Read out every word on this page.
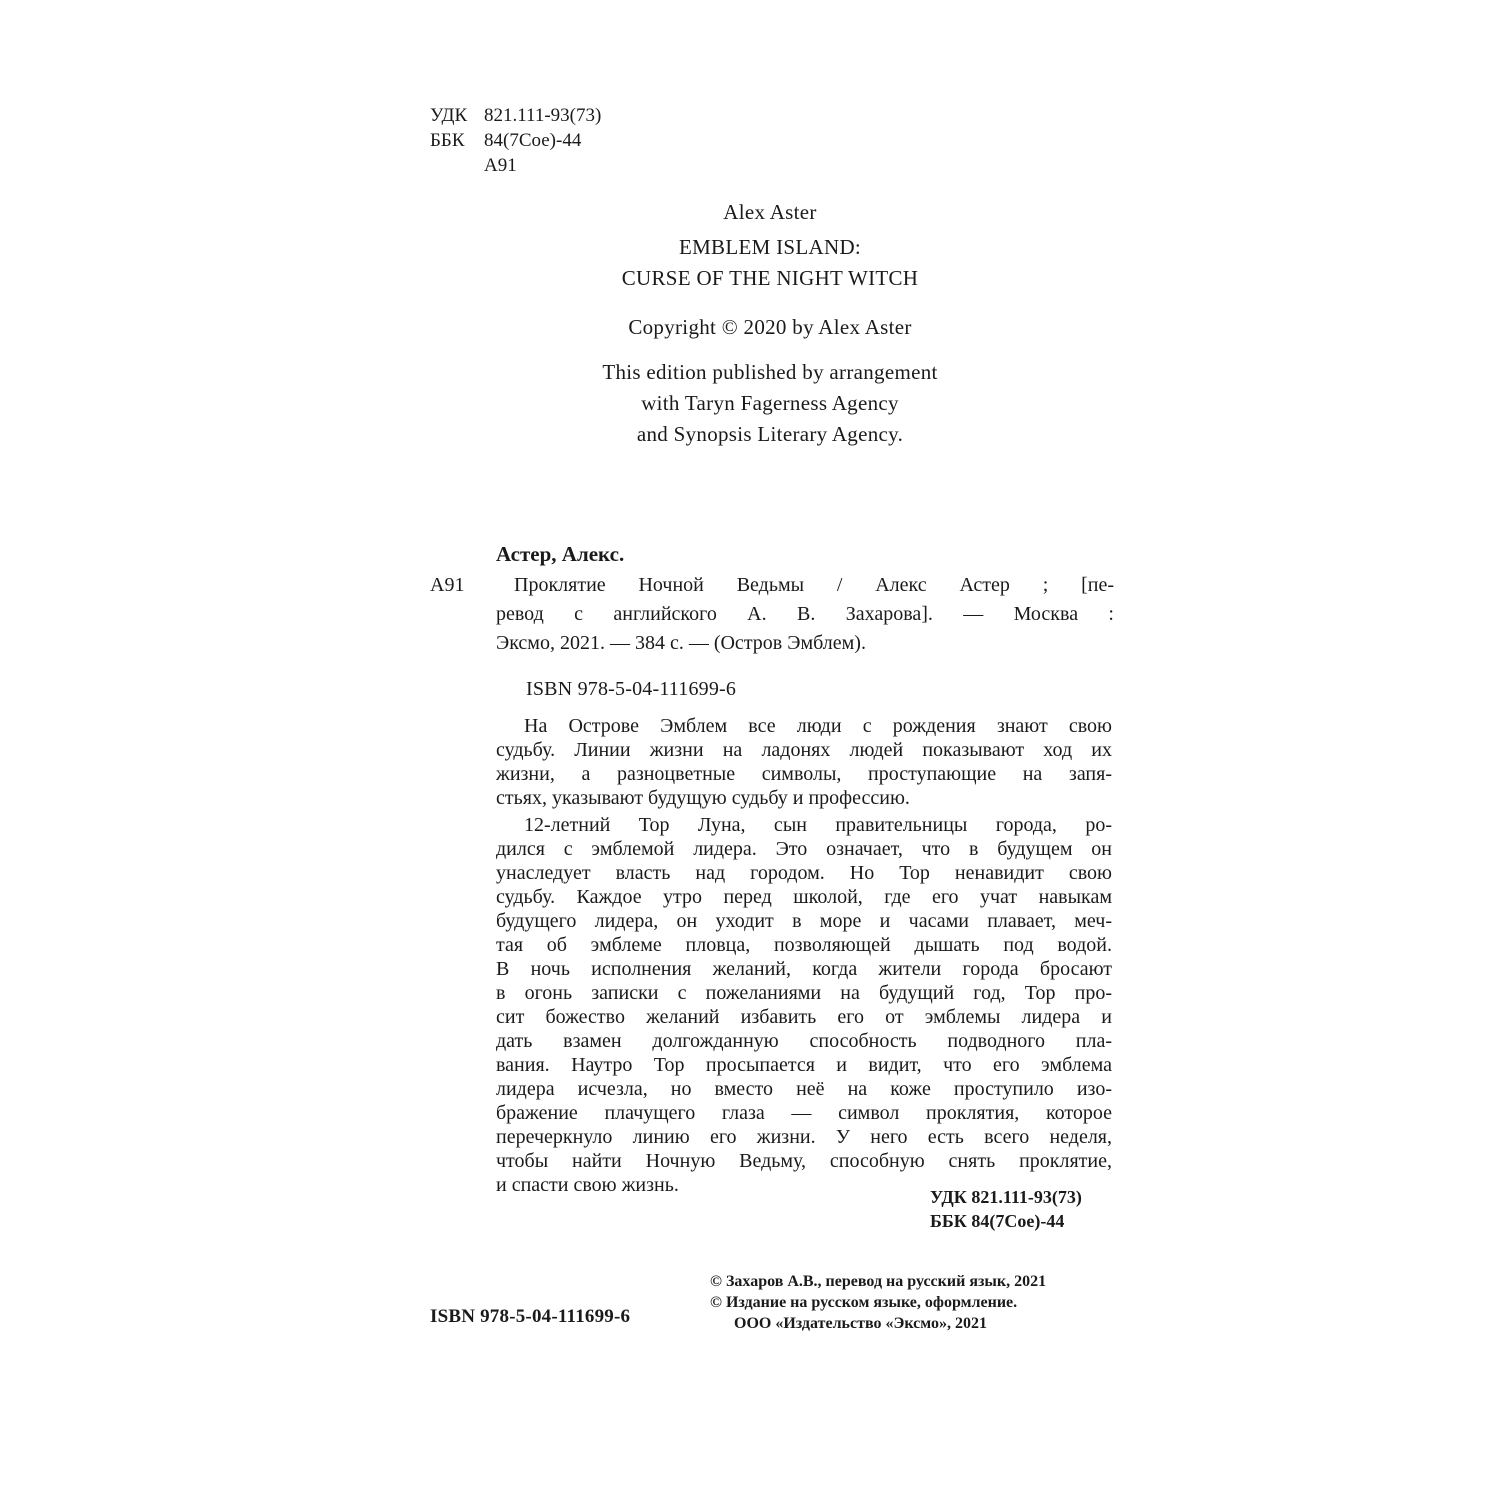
УДК 821.111-93(73)
ББК	84(7Сое)-44
А91
Alex Aster
EMBLEM ISLAND:
CURSE OF THE NIGHT WITCH
Copyright © 2020 by Alex Aster
This edition published by arrangement
with Taryn Fagerness Agency
and Synopsis Literary Agency.
Астер, Алекс.
А91 Проклятие Ночной Ведьмы / Алекс Астер ; [пе-
ревод с английского А. В. Захарова]. — Москва :
Эксмо, 2021. — 384 с. — (Остров Эмблем).
ISBN 978-5-04-111699-6
На Острове Эмблем все люди с рождения знают свою
судьбу. Линии жизни на ладонях людей показывают ход их
жизни, а разноцветные символы, проступающие на запя-
стьях, указывают будущую судьбу и профессию.
12-летний Тор Луна, сын правительницы города, ро-
дился с эмблемой лидера. Это означает, что в будущем он
унаследует власть над городом. Но Тор ненавидит свою
судьбу. Каждое утро перед школой, где его учат навыкам
будущего лидера, он уходит в море и часами плавает, меч-
тая об эмблеме пловца, позволяющей дышать под водой.
В ночь исполнения желаний, когда жители города бросают
в огонь записки с пожеланиями на будущий год, Тор про-
сит божество желаний избавить его от эмблемы лидера и
дать взамен долгожданную способность подводного пла-
вания. Наутро Тор просыпается и видит, что его эмблема
лидера исчезла, но вместо неё на коже проступило изо-
бражение плачущего глаза — символ проклятия, которое
перечеркнуло линию его жизни. У него есть всего неделя,
чтобы найти Ночную Ведьму, способную снять проклятие,
и спасти свою жизнь.
УДК 821.111-93(73)
ББК 84(7Сое)-44
ISBN 978-5-04-111699-6
© Захаров А.В., перевод на русский язык, 2021
© Издание на русском языке, оформление.
ООО «Издательство «Эксмо», 2021
